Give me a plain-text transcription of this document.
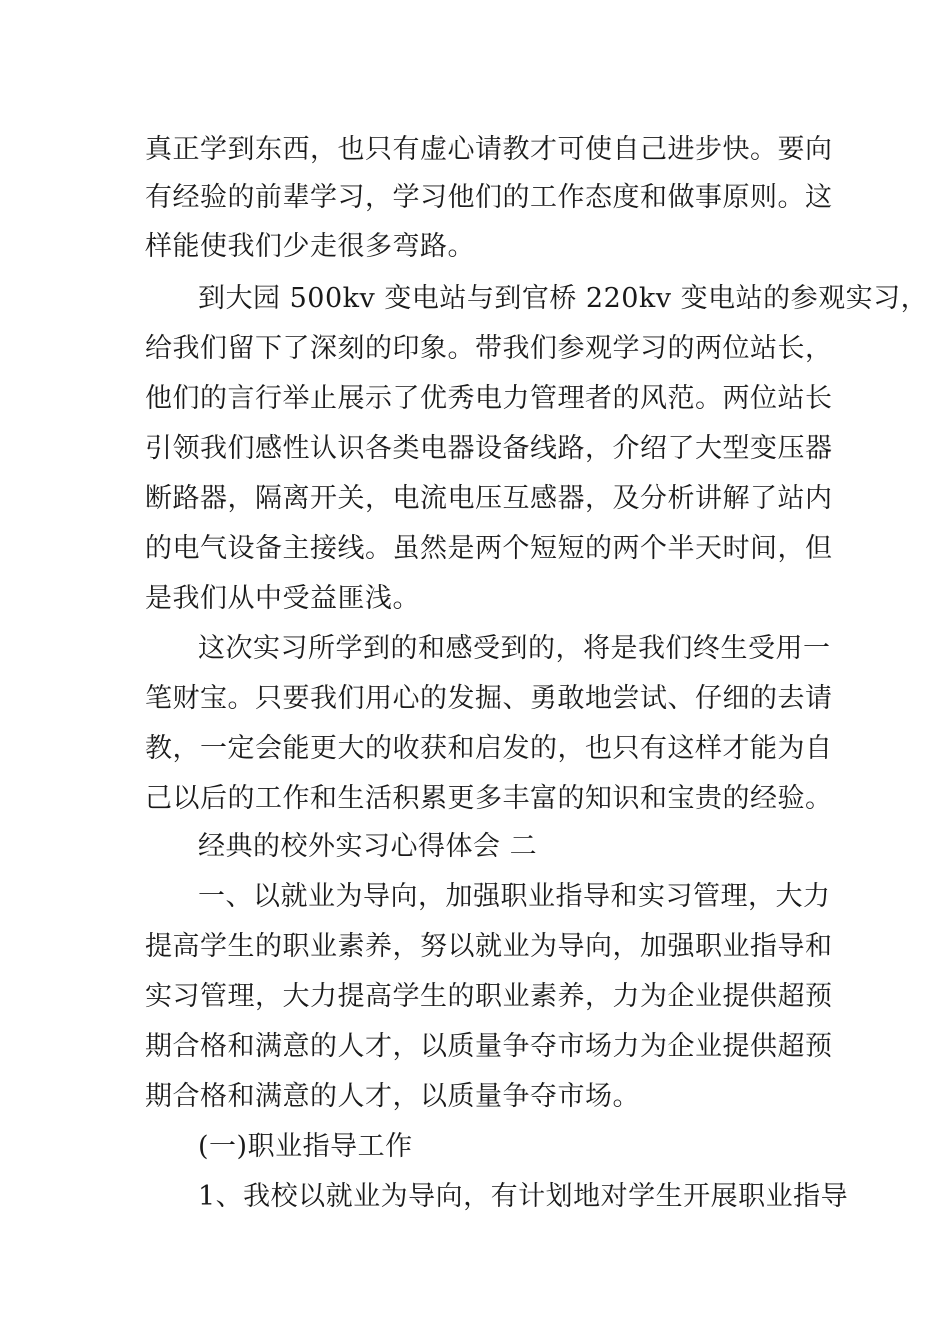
真正学到东西，也只有虚心请教才可使自己进步快。要向
有经验的前辈学习，学习他们的工作态度和做事原则。这
样能使我们少走很多弯路。
到大园 500kv 变电站与到官桥 220kv 变电站的参观实习，
给我们留下了深刻的印象。带我们参观学习的两位站长，
他们的言行举止展示了优秀电力管理者的风范。两位站长
引领我们感性认识各类电器设备线路，介绍了大型变压器
断路器，隔离开关，电流电压互感器，及分析讲解了站内
的电气设备主接线。虽然是两个短短的两个半天时间，但
是我们从中受益匪浅。
这次实习所学到的和感受到的，将是我们终生受用一
笔财宝。只要我们用心的发掘、勇敢地尝试、仔细的去请
教，一定会能更大的收获和启发的，也只有这样才能为自
己以后的工作和生活积累更多丰富的知识和宝贵的经验。
经典的校外实习心得体会 二
一、以就业为导向，加强职业指导和实习管理，大力
提高学生的职业素养，努以就业为导向，加强职业指导和
实习管理，大力提高学生的职业素养，力为企业提供超预
期合格和满意的人才，以质量争夺市场力为企业提供超预
期合格和满意的人才，以质量争夺市场。
(一)职业指导工作
1、我校以就业为导向，有计划地对学生开展职业指导
